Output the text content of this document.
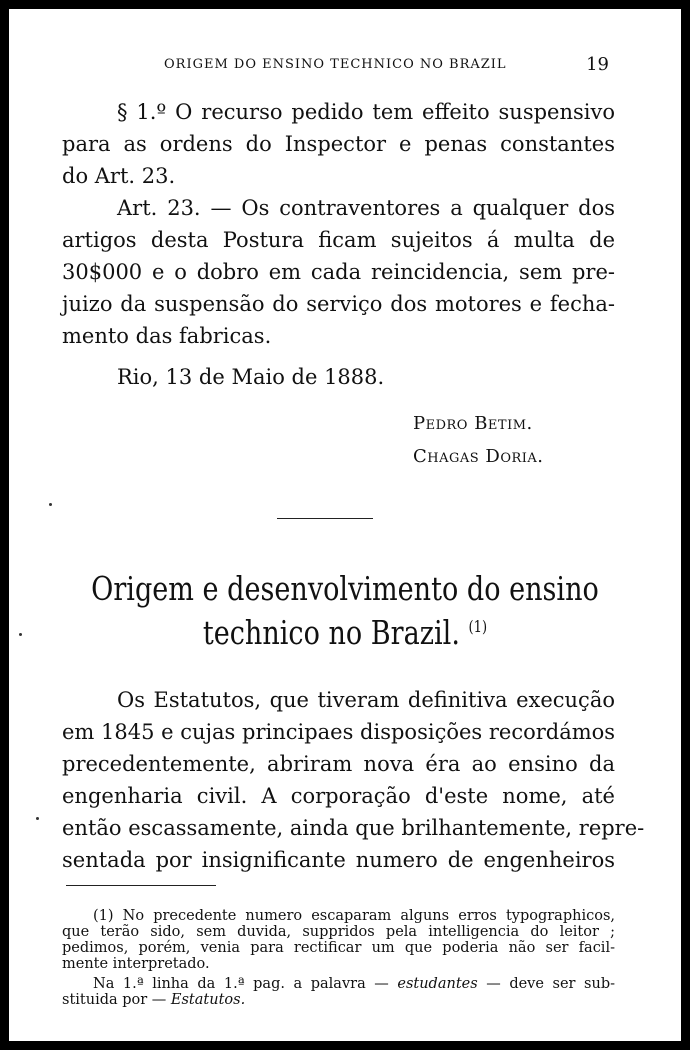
ORIGEM DO ENSINO TECHNICO NO BRAZIL	19
§ 1.º O recurso pedido tem effeito suspensivo
para as ordens do Inspector e penas constantes
do Art. 23.
Art. 23. — Os contraventores a qualquer dos
artigos desta Postura ficam sujeitos á multa de
30$000 e o dobro em cada reincidencia, sem pre-
juizo da suspensão do serviço dos motores e fecha-
mento das fabricas.
Rio, 13 de Maio de 1888.
Pedro Betim.
Chagas Doria.
Origem e desenvolvimento do ensino
technico no Brazil. $^{(1)}$
Os Estatutos, que tiveram definitiva execução
em 1845 e cujas principaes disposições recordámos
precedentemente, abriram nova éra ao ensino da
engenharia civil. A corporação d'este nome, até
então escassamente, ainda que brilhantemente, repre-
sentada por insignificante numero de engenheiros
(1) No precedente numero escaparam alguns erros typographicos,
que terão sido, sem duvida, suppridos pela intelligencia do leitor ;
pedimos, porém, venia para rectificar um que poderia não ser facil-
mente interpretado.
Na 1.ª linha da 1.ª pag. a palavra — estudantes — deve ser sub-
stituida por — Estatutos.
